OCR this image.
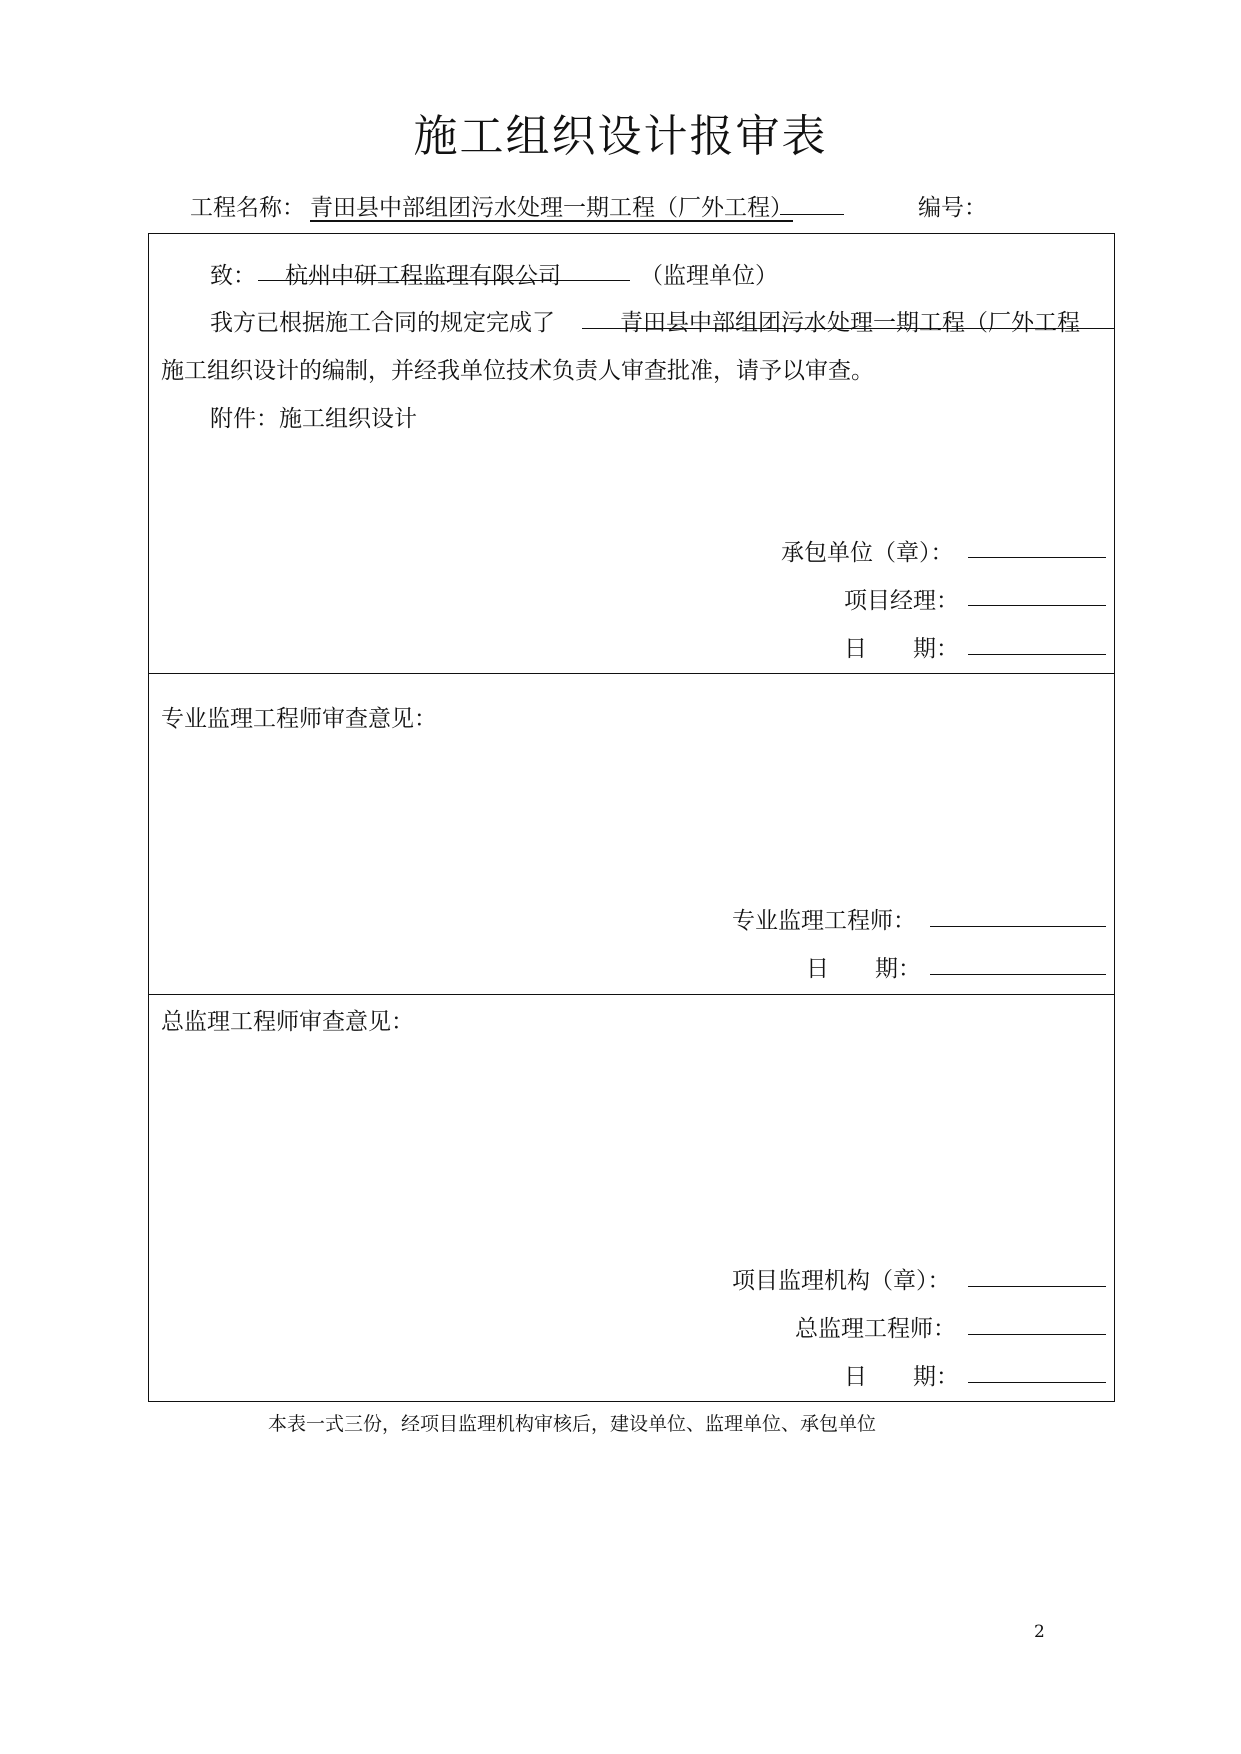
施工组织设计报审表
工程名称： 青田县中部组团污水处理一期工程（厂外工程）	编号：
致： 杭州中研工程监理有限公司	（监理单位）
我方已根据施工合同的规定完成了	青田县中部组团污水处理一期工程（厂外工程
施工组织设计的编制，并经我单位技术负责人审查批准，请予以审查。
附件：施工组织设计
承包单位（章）：
项目经理：
日　　期：
专业监理工程师审查意见：
专业监理工程师：
日　　期：
总监理工程师审查意见：
项目监理机构（章）：
总监理工程师：
日　　期：
本表一式三份，经项目监理机构审核后，建设单位、监理单位、承包单位
2
